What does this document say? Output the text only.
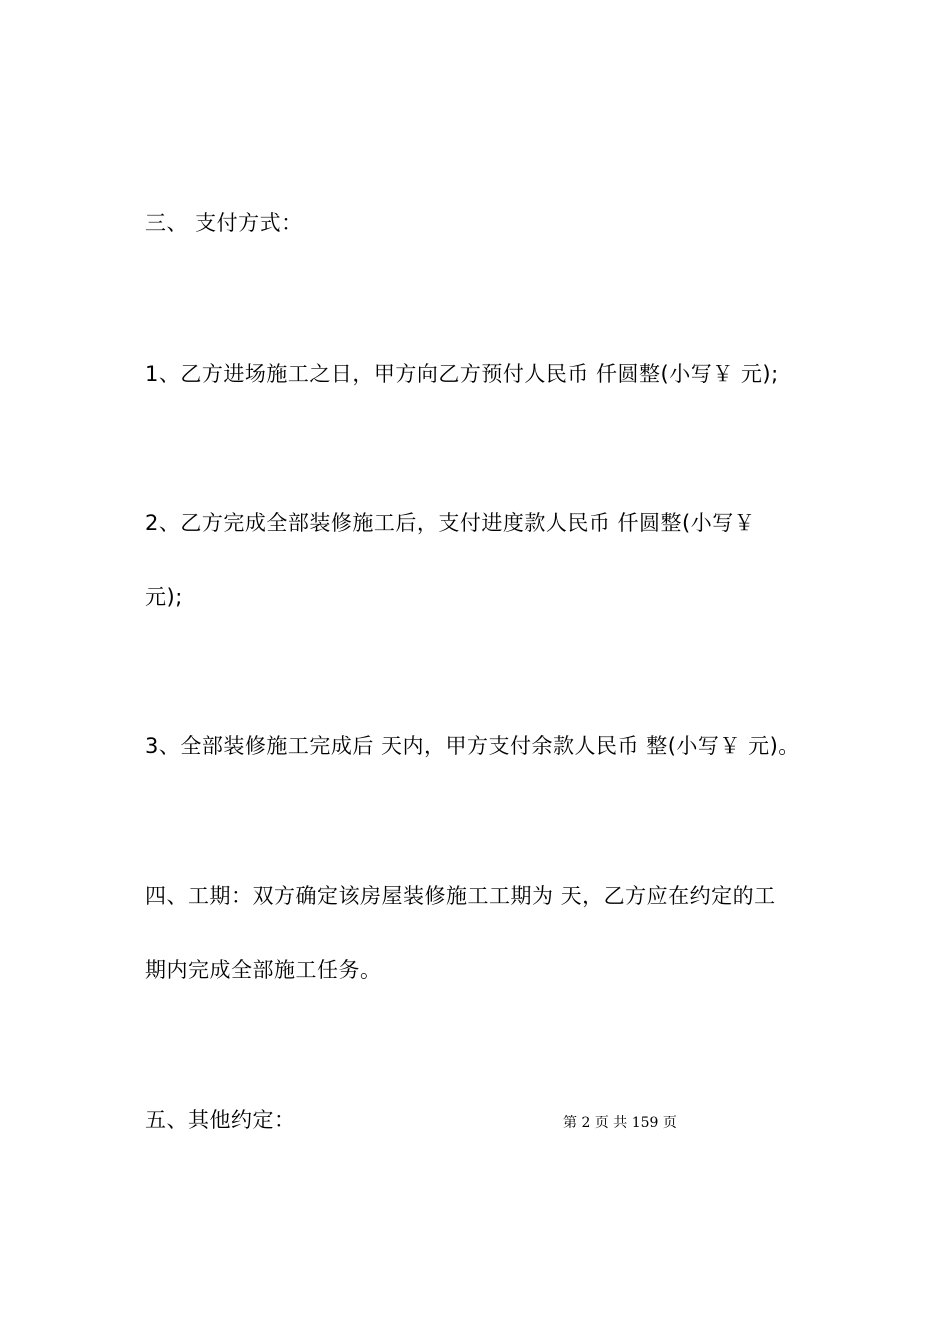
三、 支付方式：
1、乙方进场施工之日，甲方向乙方预付人民币 仟圆整(小写￥ 元);
2、乙方完成全部装修施工后，支付进度款人民币 仟圆整(小写￥
元);
3、全部装修施工完成后 天内，甲方支付余款人民币 整(小写￥ 元)。
四、工期：双方确定该房屋装修施工工期为 天，乙方应在约定的工
期内完成全部施工任务。
五、其他约定：	第 2 页 共 159 页
